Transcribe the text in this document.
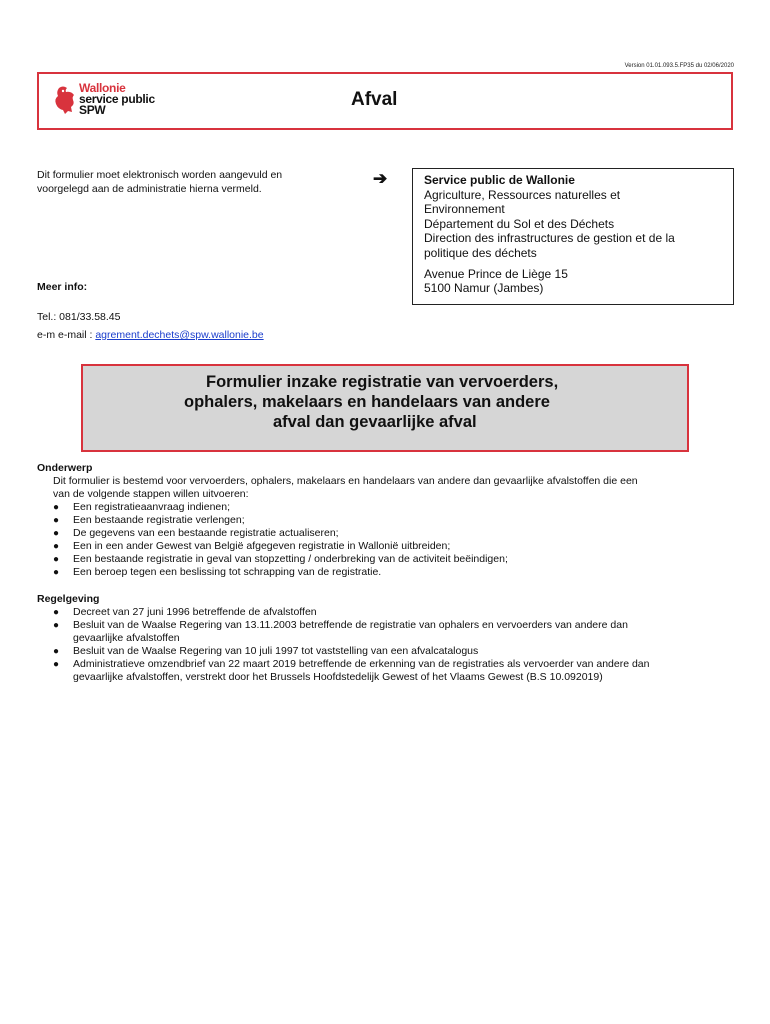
Version 01.01.093.5.FP35 du 02/06/2020
Wallonie
service public
SPW	Afval
Dit formulier moet elektronisch worden aangevuld en voorgelegd aan de administratie hierna vermeld.
➔	Service public de Wallonie
Agriculture, Ressources naturelles et
Environnement
Département du Sol et des Déchets
Direction des infrastructures de gestion et de la
politique des déchets
Avenue Prince de Liège 15
5100 Namur (Jambes)
Meer info:
Tel.: 081/33.58.45
e-m e-mail : agrement.dechets@spw.wallonie.be
Formulier inzake registratie van vervoerders,
ophalers, makelaars en handelaars van andere
afval dan gevaarlijke afval
Onderwerp
Dit formulier is bestemd voor vervoerders, ophalers, makelaars en handelaars van andere dan gevaarlijke afvalstoffen die een
van de volgende stappen willen uitvoeren:
● Een registratieaanvraag indienen;
● Een bestaande registratie verlengen;
● De gegevens van een bestaande registratie actualiseren;
● Een in een ander Gewest van België afgegeven registratie in Wallonië uitbreiden;
● Een bestaande registratie in geval van stopzetting / onderbreking van de activiteit beëindigen;
● Een beroep tegen een beslissing tot schrapping van de registratie.
Regelgeving
● Decreet van 27 juni 1996 betreffende de afvalstoffen
● Besluit van de Waalse Regering van 13.11.2003 betreffende de registratie van ophalers en vervoerders van andere dan
gevaarlijke afvalstoffen
● Besluit van de Waalse Regering van 10 juli 1997 tot vaststelling van een afvalcatalogus
● Administratieve omzendbrief van 22 maart 2019 betreffende de erkenning van de registraties als vervoerder van andere dan
gevaarlijke afvalstoffen, verstrekt door het Brussels Hoofdstedelijk Gewest of het Vlaams Gewest (B.S 10.092019)
